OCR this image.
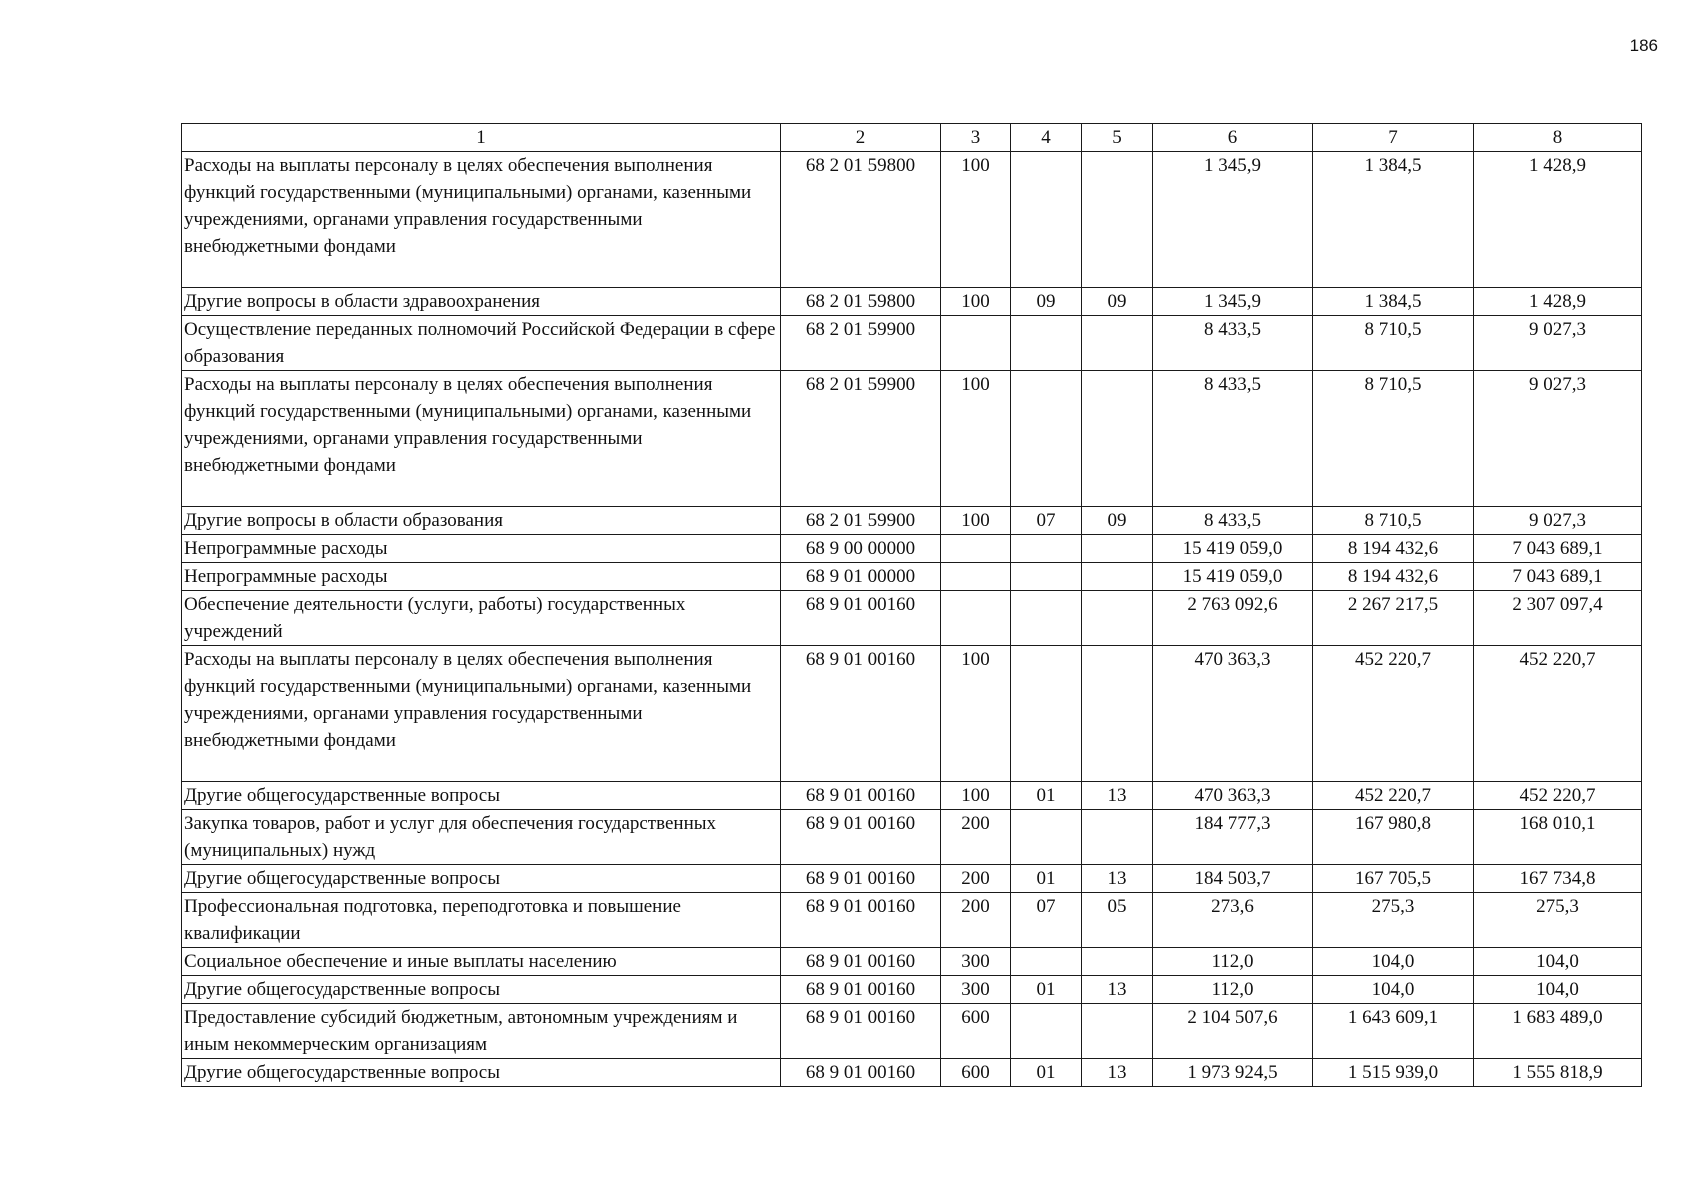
186
1	2	3	4	5	6	7	8
Расходы на выплаты персоналу в целях обеспечения выполнения функций государственными (муниципальными) органами, казенными учреждениями, органами управления государственными внебюджетными фондами	68 2 01 59800	100			1 345,9	1 384,5	1 428,9
Другие вопросы в области здравоохранения	68 2 01 59800	100	09	09	1 345,9	1 384,5	1 428,9
Осуществление переданных полномочий Российской Федерации в сфере образования	68 2 01 59900				8 433,5	8 710,5	9 027,3
Расходы на выплаты персоналу в целях обеспечения выполнения функций государственными (муниципальными) органами, казенными учреждениями, органами управления государственными внебюджетными фондами	68 2 01 59900	100			8 433,5	8 710,5	9 027,3
Другие вопросы в области образования	68 2 01 59900	100	07	09	8 433,5	8 710,5	9 027,3
Непрограммные расходы	68 9 00 00000				15 419 059,0	8 194 432,6	7 043 689,1
Непрограммные расходы	68 9 01 00000				15 419 059,0	8 194 432,6	7 043 689,1
Обеспечение деятельности (услуги, работы) государственных учреждений	68 9 01 00160				2 763 092,6	2 267 217,5	2 307 097,4
Расходы на выплаты персоналу в целях обеспечения выполнения функций государственными (муниципальными) органами, казенными учреждениями, органами управления государственными внебюджетными фондами	68 9 01 00160	100			470 363,3	452 220,7	452 220,7
Другие общегосударственные вопросы	68 9 01 00160	100	01	13	470 363,3	452 220,7	452 220,7
Закупка товаров, работ и услуг для обеспечения государственных (муниципальных) нужд	68 9 01 00160	200			184 777,3	167 980,8	168 010,1
Другие общегосударственные вопросы	68 9 01 00160	200	01	13	184 503,7	167 705,5	167 734,8
Профессиональная подготовка, переподготовка и повышение квалификации	68 9 01 00160	200	07	05	273,6	275,3	275,3
Социальное обеспечение и иные выплаты населению	68 9 01 00160	300			112,0	104,0	104,0
Другие общегосударственные вопросы	68 9 01 00160	300	01	13	112,0	104,0	104,0
Предоставление субсидий бюджетным, автономным учреждениям и иным некоммерческим организациям	68 9 01 00160	600			2 104 507,6	1 643 609,1	1 683 489,0
Другие общегосударственные вопросы	68 9 01 00160	600	01	13	1 973 924,5	1 515 939,0	1 555 818,9
